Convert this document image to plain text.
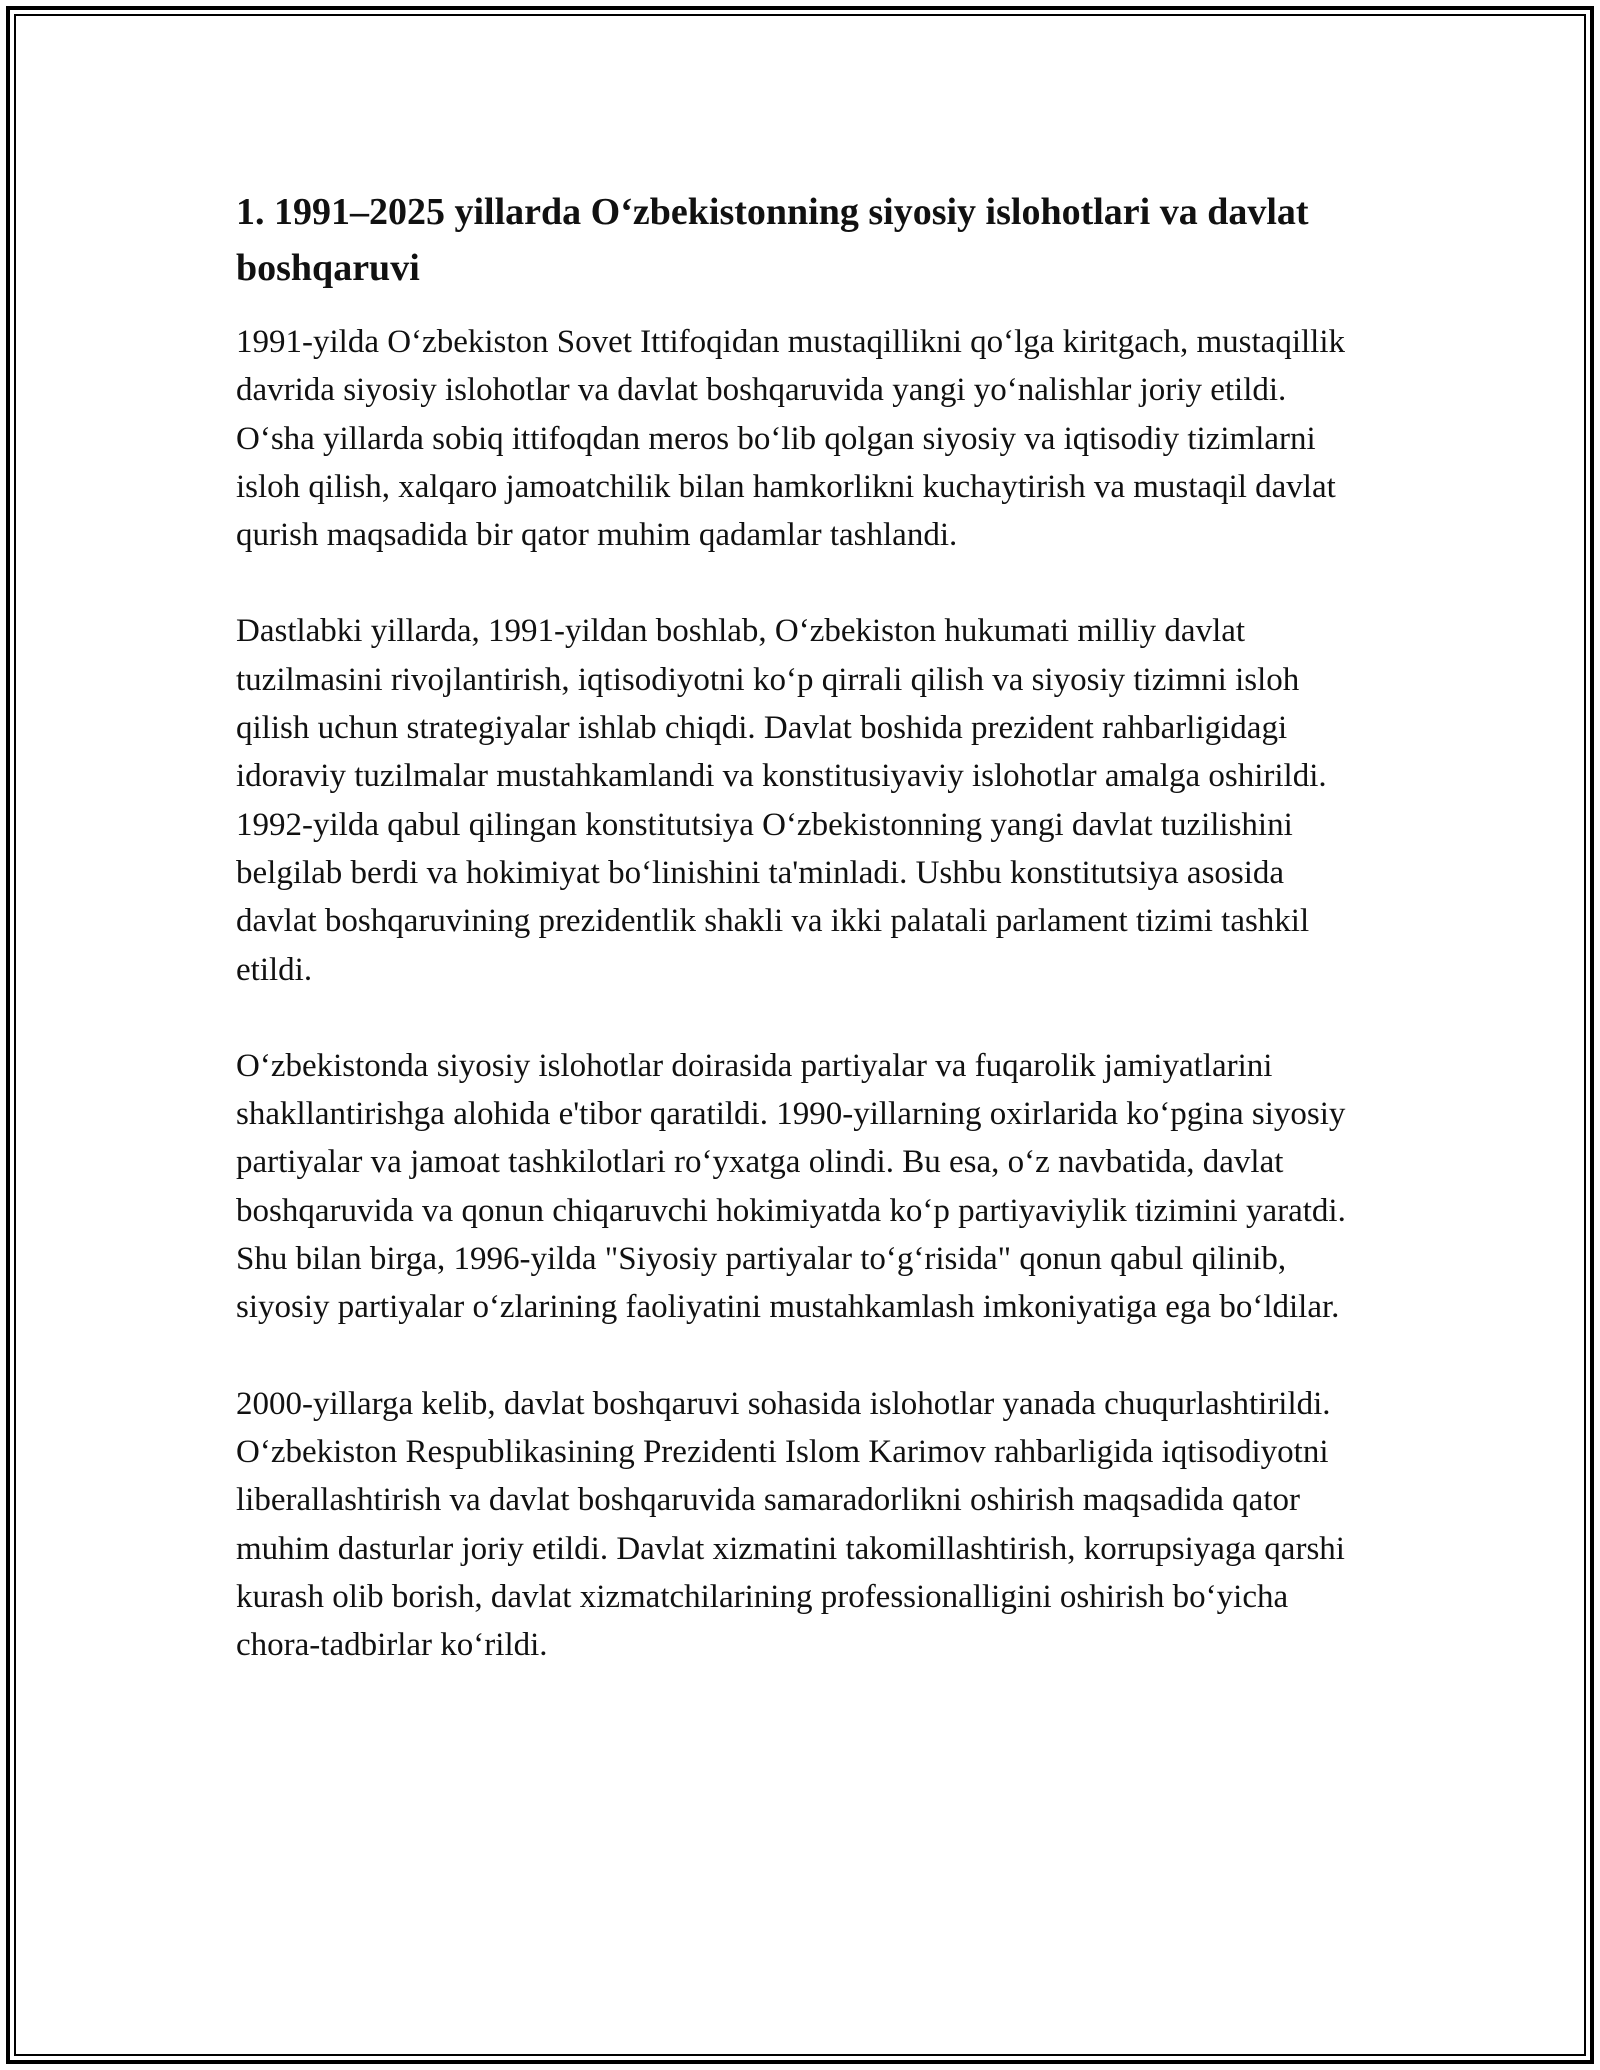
1. 1991–2025 yillarda O‘zbekistonning siyosiy islohotlari va davlat boshqaruvi

1991-yilda O‘zbekiston Sovet Ittifoqidan mustaqillikni qo‘lga kiritgach, mustaqillik davrida siyosiy islohotlar va davlat boshqaruvida yangi yo‘nalishlar joriy etildi. O‘sha yillarda sobiq ittifoqdan meros bo‘lib qolgan siyosiy va iqtisodiy tizimlarni isloh qilish, xalqaro jamoatchilik bilan hamkorlikni kuchaytirish va mustaqil davlat qurish maqsadida bir qator muhim qadamlar tashlandi.

Dastlabki yillarda, 1991-yildan boshlab, O‘zbekiston hukumati milliy davlat tuzilmasini rivojlantirish, iqtisodiyotni ko‘p qirrali qilish va siyosiy tizimni isloh qilish uchun strategiyalar ishlab chiqdi. Davlat boshida prezident rahbarligidagi idoraviy tuzilmalar mustahkamlandi va konstitusiyaviy islohotlar amalga oshirildi. 1992-yilda qabul qilingan konstitutsiya O‘zbekistonning yangi davlat tuzilishini belgilab berdi va hokimiyat bo‘linishini ta'minladi. Ushbu konstitutsiya asosida davlat boshqaruvining prezidentlik shakli va ikki palatali parlament tizimi tashkil etildi.

O‘zbekistonda siyosiy islohotlar doirasida partiyalar va fuqarolik jamiyatlarini shakllantirishga alohida e'tibor qaratildi. 1990-yillarning oxirlarida ko‘pgina siyosiy partiyalar va jamoat tashkilotlari ro‘yxatga olindi. Bu esa, o‘z navbatida, davlat boshqaruvida va qonun chiqaruvchi hokimiyatda ko‘p partiyaviylik tizimini yaratdi. Shu bilan birga, 1996-yilda "Siyosiy partiyalar to‘g‘risida" qonun qabul qilinib, siyosiy partiyalar o‘zlarining faoliyatini mustahkamlash imkoniyatiga ega bo‘ldilar.

2000-yillarga kelib, davlat boshqaruvi sohasida islohotlar yanada chuqurlashtirildi. O‘zbekiston Respublikasining Prezidenti Islom Karimov rahbarligida iqtisodiyotni liberallashtirish va davlat boshqaruvida samaradorlikni oshirish maqsadida qator muhim dasturlar joriy etildi. Davlat xizmatini takomillashtirish, korrupsiyaga qarshi kurash olib borish, davlat xizmatchilarining professionalligini oshirish bo‘yicha chora-tadbirlar ko‘rildi.
